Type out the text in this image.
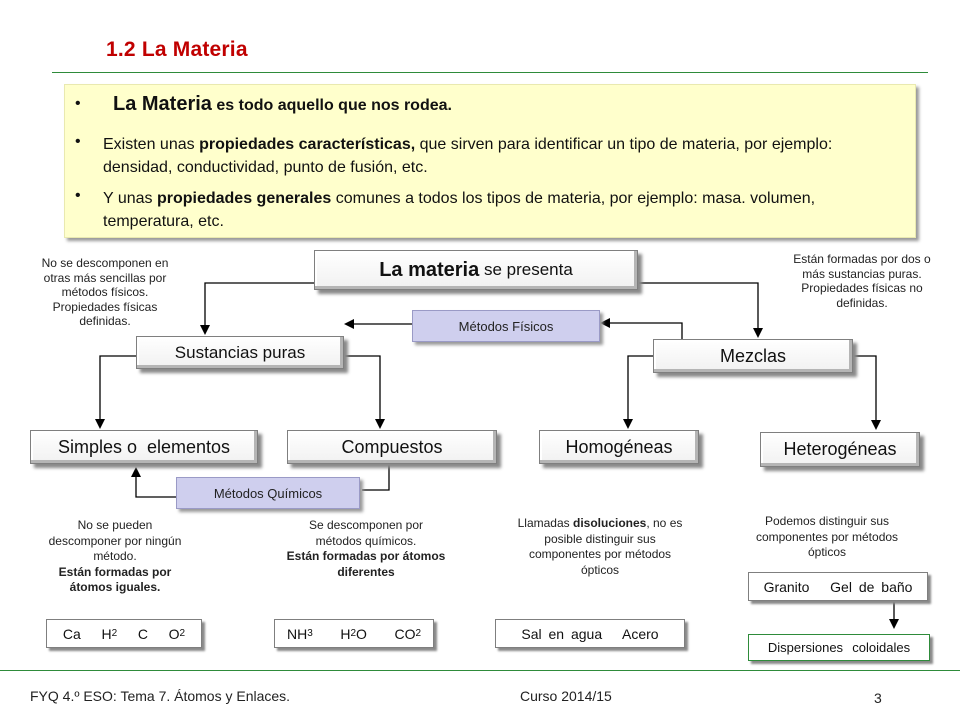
1.2 La Materia
• La Materia es todo aquello que nos rodea.
• Existen unas propiedades características, que sirven para identificar un tipo de materia, por ejemplo: densidad, conductividad, punto de fusión, etc.
• Y unas propiedades generales comunes a todos los tipos de materia, por ejemplo: masa. volumen, temperatura, etc.
La materia se presenta
Sustancias puras	Mezclas
Métodos Físicos
Métodos Químicos
Simples o  elementos	Compuestos	Homogéneas	Heterogéneas
No se descomponen en otras más sencillas por métodos físicos. Propiedades físicas definidas.
Están formadas por dos o más sustancias puras. Propiedades físicas no definidas.
No se pueden descomponer por ningún método.
Están formadas por átomos iguales.
Se descomponen por métodos químicos.
Están formadas por átomos diferentes
Llamadas disoluciones, no es posible distinguir sus componentes por métodos ópticos
Podemos distinguir sus componentes por métodos ópticos
Ca
H 2
C
O 2	NH 3
H 2 O
CO 2	Sal en agua   Acero
Granito   Gel de baño
Dispersiones  coloidales
FYQ 4.º ESO: Tema 7. Átomos y Enlaces.	Curso 2014/15	3
